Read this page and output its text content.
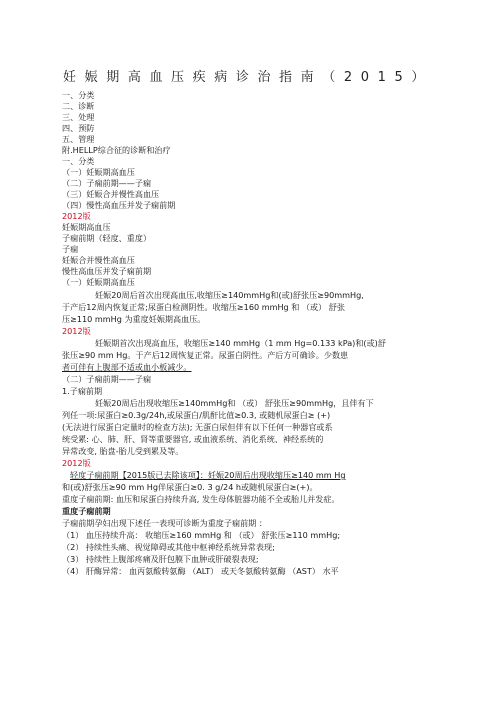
妊娠期高血压疾病诊治指南（2015）
一、分类
二、诊断
三、处理
四、预防
五、管理
附.HELLP综合征的诊断和治疗
一、分类
（一）妊娠期高血压
（二）子痫前期——子痫
（三）妊娠合并慢性高血压
（四）慢性高血压并发子痫前期
2012版
妊娠期高血压
子痫前期（轻度、重度）
子痫
妊娠合并慢性高血压
慢性高血压并发子痫前期
（一）妊娠期高血压
妊娠20周后首次出现高血压,收缩压≥140mmHg和(或)舒张压≥90mmHg,
于产后12周内恢复正常;尿蛋白检测阴性。收缩压≥160 mmHg 和 （或） 舒张
压≥110 mmHg 为重度妊娠期高血压。
2012版
妊娠期首次出现高血压，收缩压≥140 mmHg（1 mm Hg=0.133 kPa)和(或)舒
张压≥90 mm Hg。于产后12周恢复正常。尿蛋白阴性。产后方可确诊。少数患
者可伴有上腹部不适或血小板减少。
（二）子痫前期——子痫
1.子痫前期
妊娠20周后出现收缩压≥140mmHg和 （或） 舒张压≥90mmHg，且伴有下
列任一项:尿蛋白≥0.3g/24h,或尿蛋白/肌酐比值≥0.3, 或随机尿蛋白≥ (+)
(无法进行尿蛋白定量时的检查方法); 无蛋白尿但伴有以下任何一种器官或系
统受累: 心、肺、肝、肾等重要器官, 或血液系统、消化系统、神经系统的
异常改变, 胎盘-胎儿受到累及等。
2012版
轻度子痫前期【2015版已去除该项】：妊娠20周后出现收缩压≥140 mm Hg
和(或)舒张压≥90 mm Hg伴尿蛋白≥0. 3 g/24 h或随机尿蛋白≥(+)。
重度子痫前期: 血压和尿蛋白持续升高, 发生母体脏器功能不全或胎儿并发症。
重度子痫前期
子痫前期孕妇出现下述任一表现可诊断为重度子痫前期 ：
（1） 血压持续升高： 收缩压≥160 mmHg 和 （或） 舒张压≥110 mmHg;
（2） 持续性头痛、视觉障碍或其他中枢神经系统异常表现;
（3） 持续性上腹部疼痛及肝包膜下血肿或肝破裂表现;
（4） 肝酶异常： 血丙氨酸转氨酶 （ALT） 或天冬氨酸转氨酶 （AST） 水平
